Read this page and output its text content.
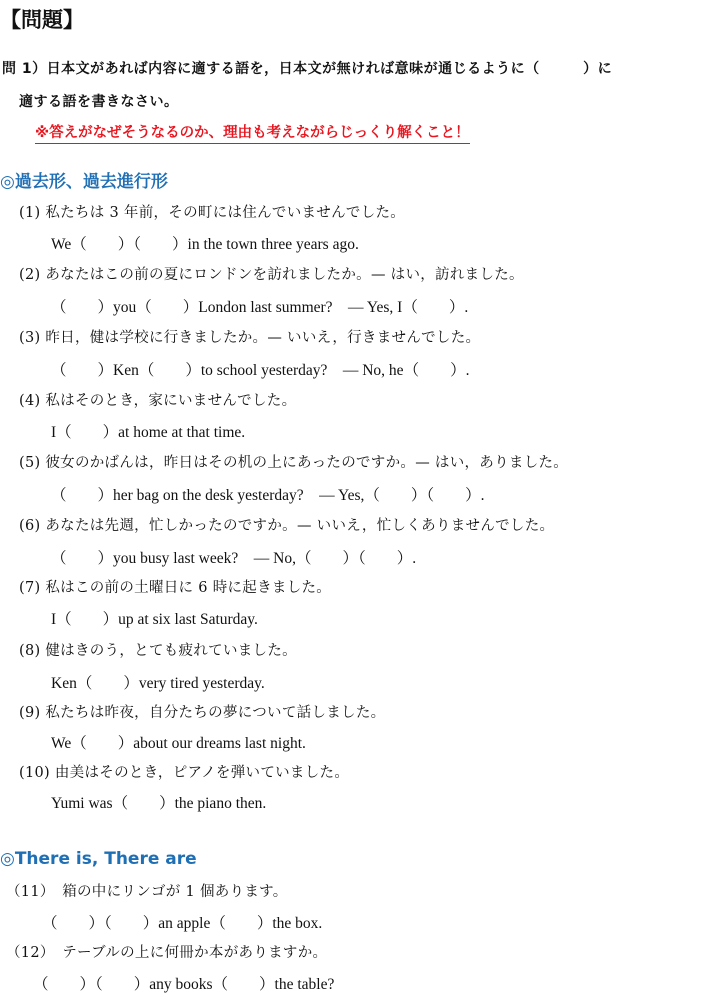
【問題】
問 1）日本文があれば内容に適する語を，日本文が無ければ意味が通じるように（　　　）に
適する語を書きなさい。
※答えがなぜそうなるのか、理由も考えながらじっくり解くこと！
◎過去形、過去進行形
(1) 私たちは 3 年前，その町には住んでいませんでした。
We（　　）（　　）in the town three years ago.
(2) あなたはこの前の夏にロンドンを訪れましたか。— はい，訪れました。
（　　）you（　　）London last summer?　— Yes, I（　　）.
(3) 昨日，健は学校に行きましたか。— いいえ，行きませんでした。
（　　）Ken（　　）to school yesterday?　— No, he（　　）.
(4) 私はそのとき，家にいませんでした。
I（　　）at home at that time.
(5) 彼女のかばんは，昨日はその机の上にあったのですか。— はい，ありました。
（　　）her bag on the desk yesterday?　— Yes,（　　）（　　）.
(6) あなたは先週，忙しかったのですか。— いいえ，忙しくありませんでした。
（　　）you busy last week?　— No,（　　）（　　）.
(7) 私はこの前の土曜日に 6 時に起きました。
I（　　）up at six last Saturday.
(8) 健はきのう，とても疲れていました。
Ken（　　）very tired yesterday.
(9) 私たちは昨夜，自分たちの夢について話しました。
We（　　）about our dreams last night.
(10) 由美はそのとき，ピアノを弾いていました。
Yumi was（　　）the piano then.
◎There is, There are
（11）　箱の中にリンゴが 1 個あります。
（　　）（　　）an apple（　　）the box.
（12）　テーブルの上に何冊か本がありますか。
（　　）（　　）any books（　　）the table?
